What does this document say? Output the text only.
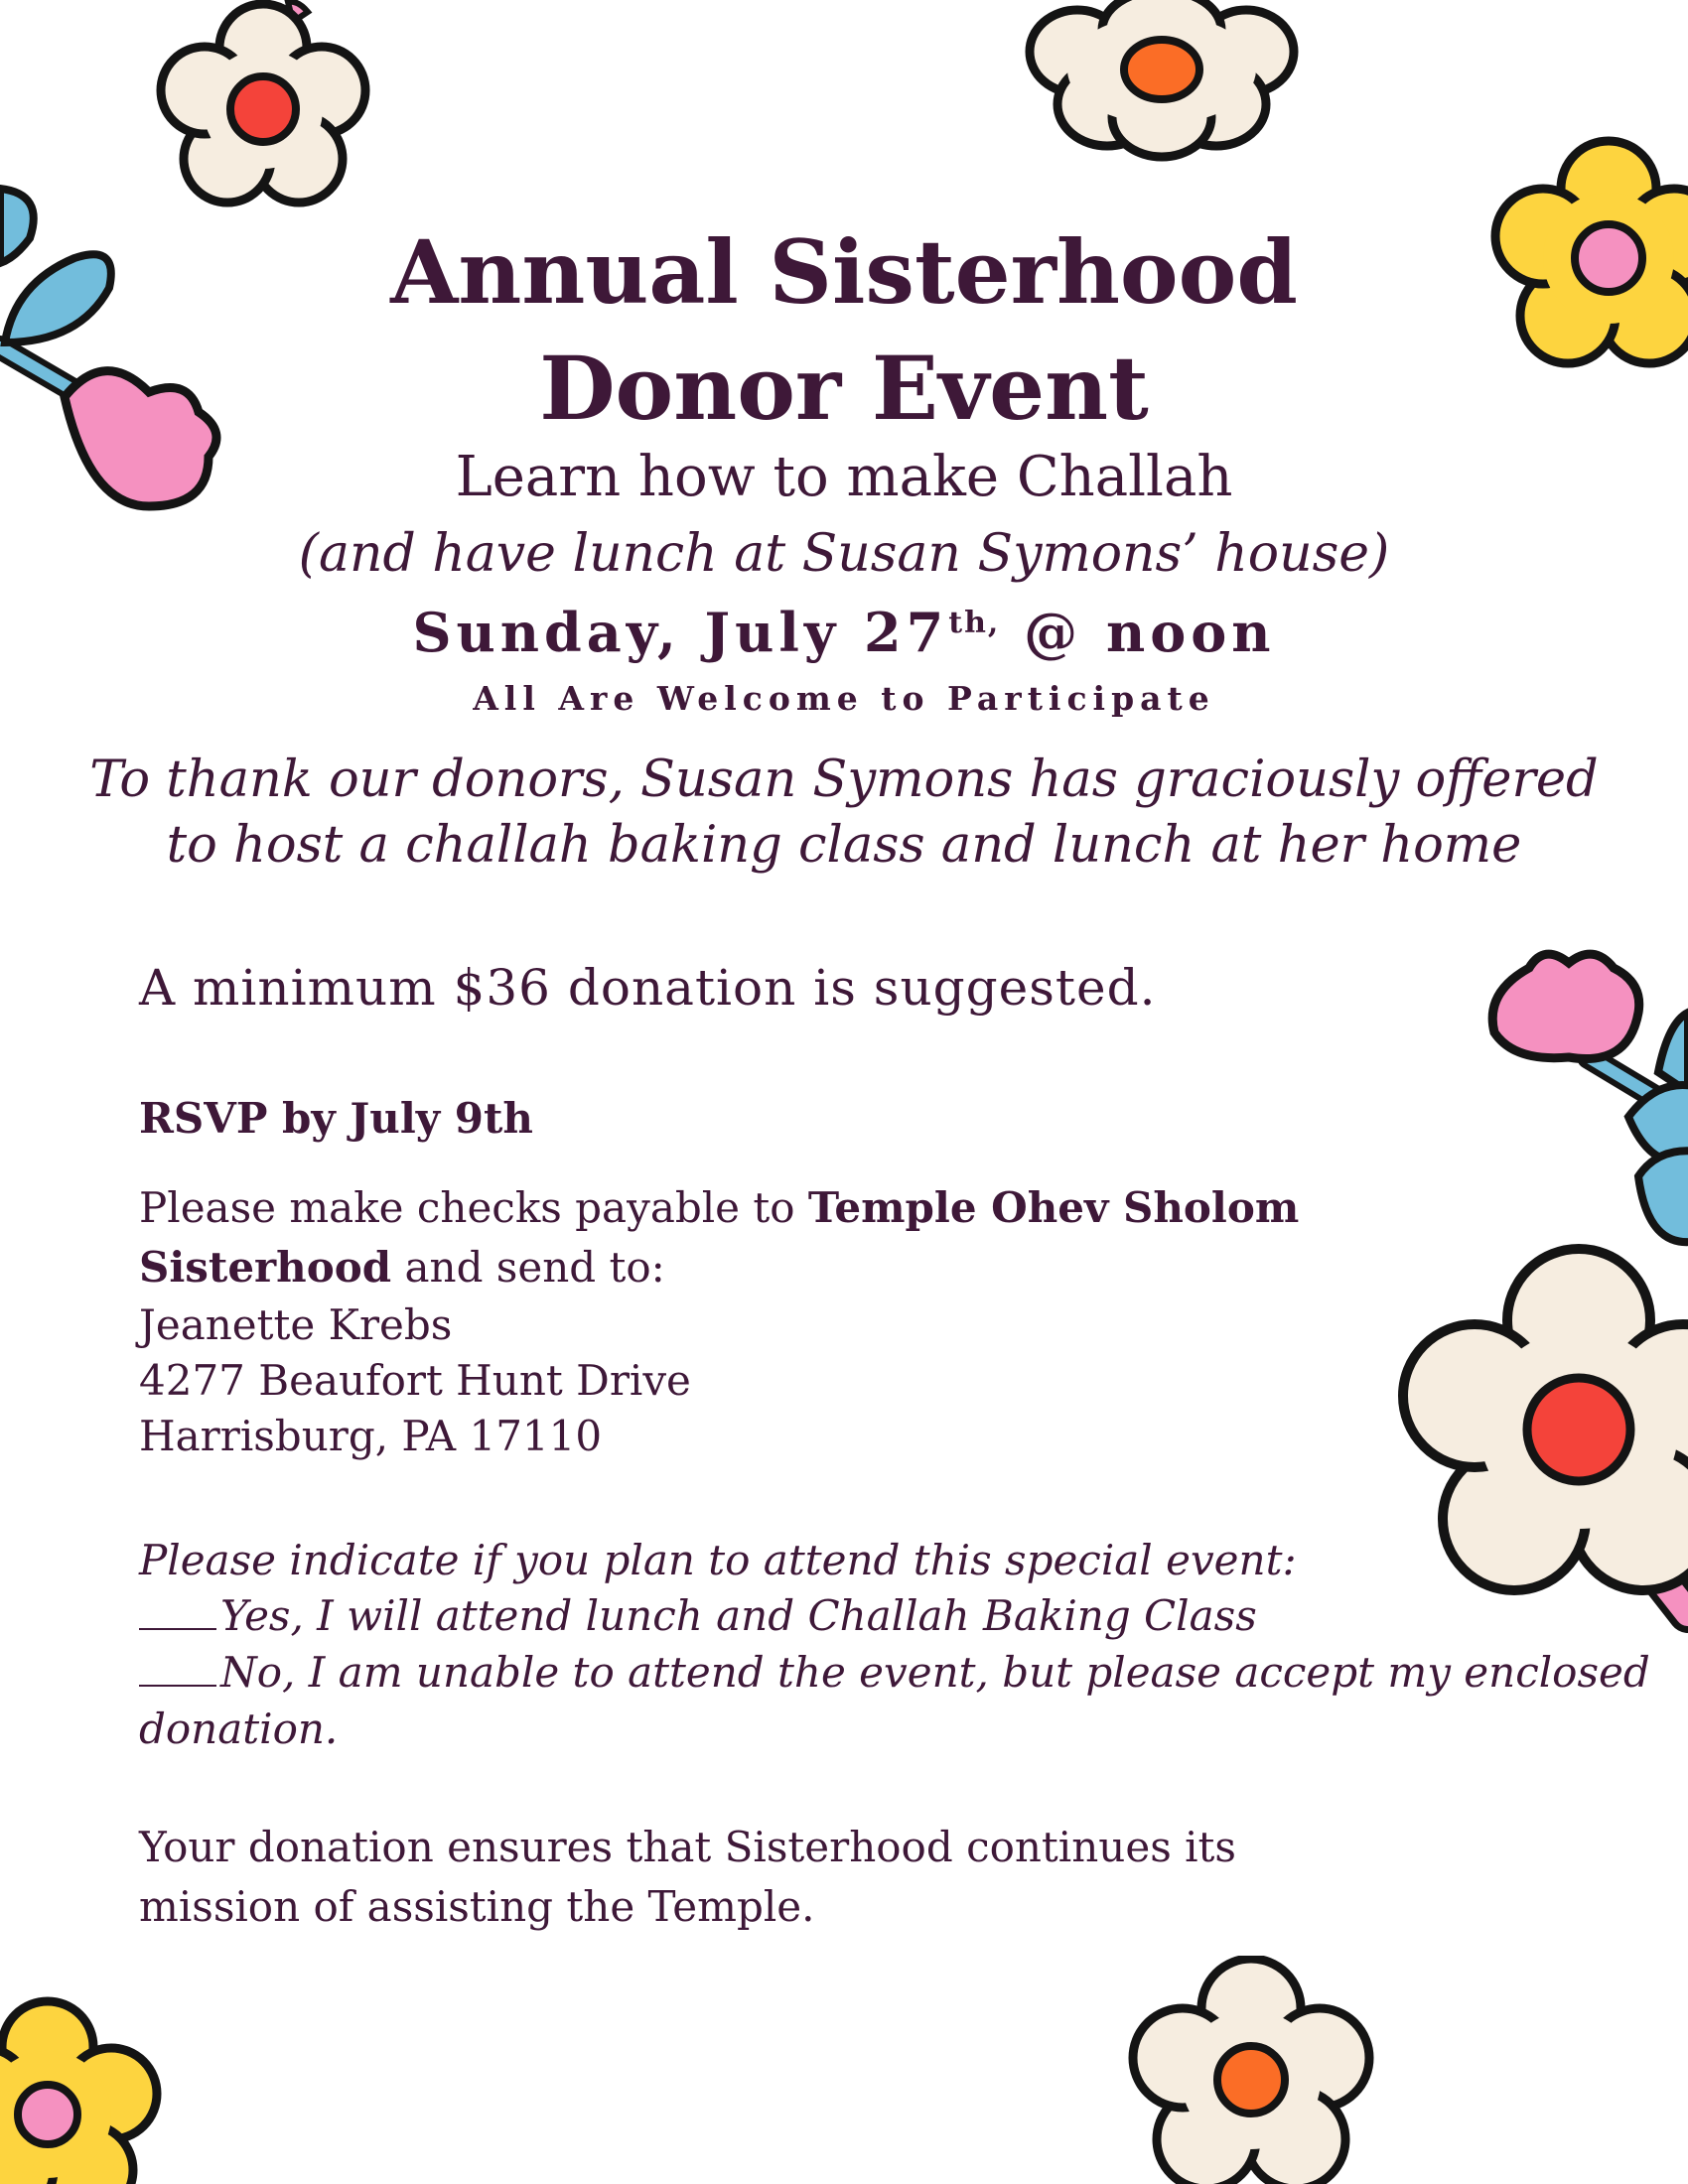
Annual Sisterhood
Donor Event

Learn how to make Challah

(and have lunch at Susan Symons’ house)

Sunday, July $27^{th,}$ @ noon

All Are Welcome to Participate

To thank our donors, Susan Symons has graciously offered

to host a challah baking class and lunch at her home

A minimum $36 donation is suggested.

RSVP by July 9th

Please make checks payable to Temple Ohev Sholom

Sisterhood and send to:

Jeanette Krebs

4277 Beaufort Hunt Drive

Harrisburg, PA 17110

Please indicate if you plan to attend this special event:

Yes, I will attend lunch and Challah Baking Class

No, I am unable to attend the event, but please accept my enclosed

donation.

Your donation ensures that Sisterhood continues its

mission of assisting the Temple.
